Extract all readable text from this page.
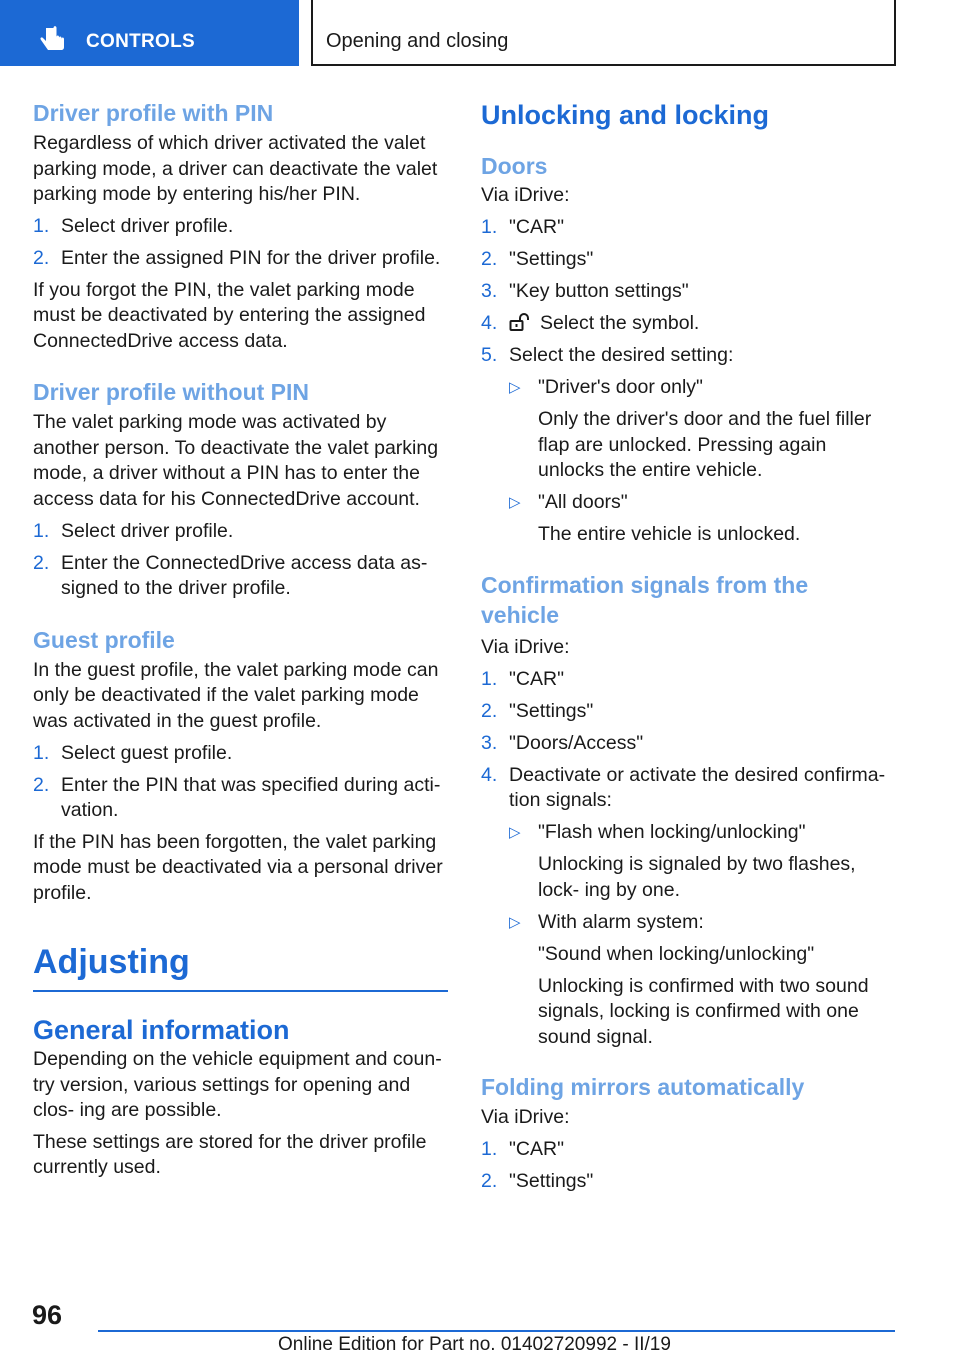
CONTROLS	Opening and closing
Driver profile with PIN

Regardless of which driver activated the valet parking mode, a driver can deactivate the valet parking mode by entering his/her PIN.

1. Select driver profile.
2. Enter the assigned PIN for the driver profile.

If you forgot the PIN, the valet parking mode must be deactivated by entering the assigned ConnectedDrive access data.

Driver profile without PIN

The valet parking mode was activated by another person. To deactivate the valet parking mode, a driver without a PIN has to enter the access data for his ConnectedDrive account.

1. Select driver profile.
2. Enter the ConnectedDrive access data as‐ signed to the driver profile.
Guest profile

In the guest profile, the valet parking mode can only be deactivated if the valet parking mode was activated in the guest profile.

1. Select guest profile.
2. Enter the PIN that was specified during acti‐ vation.

If the PIN has been forgotten, the valet parking mode must be deactivated via a personal driver profile.

Adjusting
General information

Depending on the vehicle equipment and coun‐ try version, various settings for opening and clos‐ ing are possible.

These settings are stored for the driver profile currently used.

Unlocking and locking
Doors

Via iDrive:

1. "CAR"
2. "Settings"
3. "Key button settings"
4. Select the symbol.
5. Select the desired setting:
▷ "Driver's door only"
Only the driver's door and the fuel filler flap are unlocked. Pressing again unlocks the entire vehicle.
▷ "All doors"
The entire vehicle is unlocked.
Confirmation signals from the vehicle

Via iDrive:

1. "CAR"
2. "Settings"
3. "Doors/Access"
4. Deactivate or activate the desired confirma‐ tion signals:
▷ "Flash when locking/unlocking"
Unlocking is signaled by two flashes, lock‐ ing by one.
▷ With alarm system:
"Sound when locking/unlocking"
Unlocking is confirmed with two sound signals, locking is confirmed with one sound signal.
Folding mirrors automatically

Via iDrive:

1. "CAR"
2. "Settings"
96
Online Edition for Part no. 01402720992 - II/19
